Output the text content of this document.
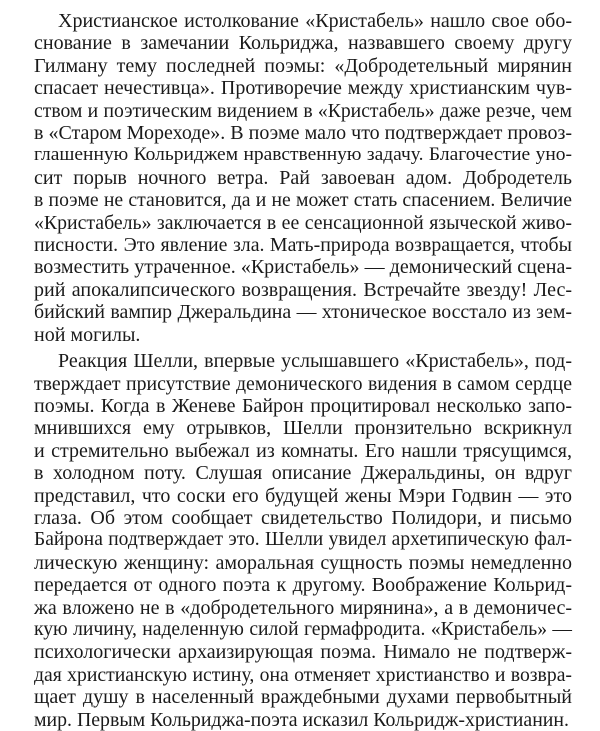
Христианское истолкование «Кристабель» нашло свое обо-
снование в замечании Кольриджа, назвавшего своему другу
Гилману тему последней поэмы: «Добродетельный мирянин
спасает нечестивца». Противоречие между христианским чув-
ством и поэтическим видением в «Кристабель» даже резче, чем
в «Старом Мореходе». В поэме мало что подтверждает провоз-
глашенную Кольриджем нравственную задачу. Благочестие уно-
сит порыв ночного ветра. Рай завоеван адом. Добродетель
в поэме не становится, да и не может стать спасением. Величие
«Кристабель» заключается в ее сенсационной языческой живо-
писности. Это явление зла. Мать-природа возвращается, чтобы
возместить утраченное. «Кристабель» — демонический сцена-
рий апокалипсического возвращения. Встречайте звезду! Лес-
бийский вампир Джеральдина — хтоническое восстало из зем-
ной могилы.

Реакция Шелли, впервые услышавшего «Кристабель», под-
тверждает присутствие демонического видения в самом сердце
поэмы. Когда в Женеве Байрон процитировал несколько запо-
мнившихся ему отрывков, Шелли пронзительно вскрикнул
и стремительно выбежал из комнаты. Его нашли трясущимся,
в холодном поту. Слушая описание Джеральдины, он вдруг
представил, что соски его будущей жены Мэри Годвин — это
глаза. Об этом сообщает свидетельство Полидори, и письмо
Байрона подтверждает это. Шелли увидел архетипическую фал-
лическую женщину: аморальная сущность поэмы немедленно
передается от одного поэта к другому. Воображение Кольрид-
жа вложено не в «добродетельного мирянина», а в демоничес-
кую личину, наделенную силой гермафродита. «Кристабель» —
психологически архаизирующая поэма. Нимало не подтверж-
дая христианскую истину, она отменяет христианство и возвра-
щает душу в населенный враждебными духами первобытный
мир. Первым Кольриджа-поэта исказил Кольридж-христианин.
